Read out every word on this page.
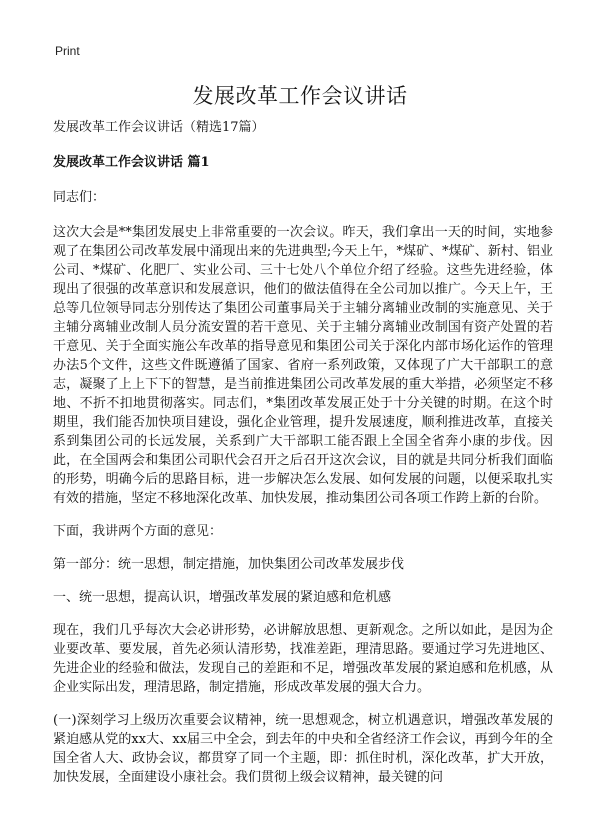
Print
发展改革工作会议讲话

发展改革工作会议讲话（精选17篇）

发展改革工作会议讲话 篇1

同志们：

这次大会是**集团发展史上非常重要的一次会议。昨天，我们拿出一天的时间，实地参观了在集团公司改革发展中涌现出来的先进典型;今天上午，*煤矿、*煤矿、新村、铝业公司、*煤矿、化肥厂、实业公司、三十七处八个单位介绍了经验。这些先进经验，体现出了很强的改革意识和发展意识，他们的做法值得在全公司加以推广。今天上午，王总等几位领导同志分别传达了集团公司董事局关于主辅分离辅业改制的实施意见、关于主辅分离辅业改制人员分流安置的若干意见、关于主辅分离辅业改制国有资产处置的若干意见、关于全面实施公车改革的指导意见和集团公司关于深化内部市场化运作的管理办法5个文件，这些文件既遵循了国家、省府一系列政策，又体现了广大干部职工的意志，凝聚了上上下下的智慧，是当前推进集团公司改革发展的重大举措，必须坚定不移地、不折不扣地贯彻落实。同志们，*集团改革发展正处于十分关键的时期。在这个时期里，我们能否加快项目建设，强化企业管理，提升发展速度，顺利推进改革，直接关系到集团公司的长远发展，关系到广大干部职工能否跟上全国全省奔小康的步伐。因此，在全国两会和集团公司职代会召开之后召开这次会议，目的就是共同分析我们面临的形势，明确今后的思路目标，进一步解决怎么发展、如何发展的问题，以便采取扎实有效的措施，坚定不移地深化改革、加快发展，推动集团公司各项工作跨上新的台阶。

下面，我讲两个方面的意见：

第一部分：统一思想，制定措施，加快集团公司改革发展步伐

一、统一思想，提高认识，增强改革发展的紧迫感和危机感

现在，我们几乎每次大会必讲形势，必讲解放思想、更新观念。之所以如此，是因为企业要改革、要发展，首先必须认清形势，找准差距，理清思路。要通过学习先进地区、先进企业的经验和做法，发现自己的差距和不足，增强改革发展的紧迫感和危机感，从企业实际出发，理清思路，制定措施，形成改革发展的强大合力。

(一)深刻学习上级历次重要会议精神，统一思想观念，树立机遇意识，增强改革发展的紧迫感从党的xx大、xx届三中全会，到去年的中央和全省经济工作会议，再到今年的全国全省人大、政协会议，都贯穿了同一个主题，即：抓住时机，深化改革，扩大开放，加快发展，全面建设小康社会。我们贯彻上级会议精神，最关键的问
